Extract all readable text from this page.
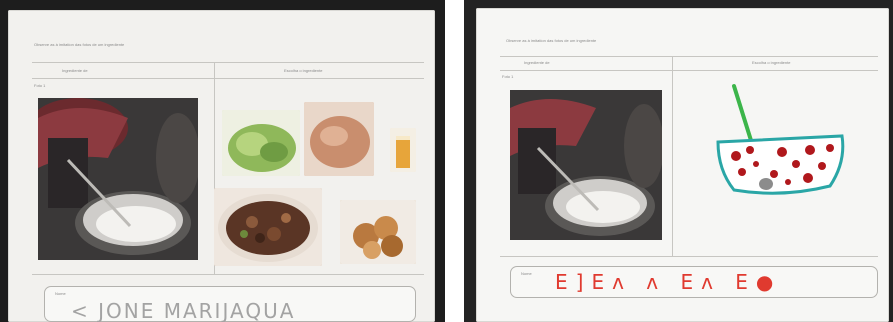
Observe as à imitation das fotos de um ingrediente
Ingrediente de	Escolha o ingrediente
Foto 1
Nome
< JONE MARIJAQUA
Observe as à imitation das fotos de um ingrediente
Ingrediente de	Escolha o ingrediente
Foto 1
Nome E]Eᴧ ᴧ Eᴧ E●
